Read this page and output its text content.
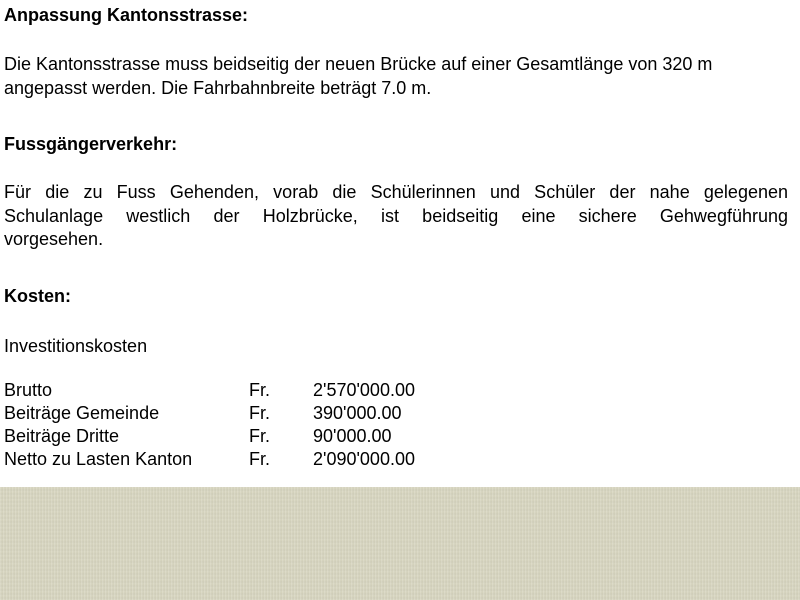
Anpassung Kantonsstrasse:

Die Kantonsstrasse muss beidseitig der neuen Brücke auf einer Gesamtlänge von 320 m
angepasst werden. Die Fahrbahnbreite beträgt 7.0 m.

Fussgängerverkehr:

Für die zu Fuss Gehenden, vorab die Schülerinnen und Schüler der nahe gelegenen
Schulanlage westlich der Holzbrücke, ist beidseitig eine sichere Gehwegführung
vorgesehen.

Kosten:

Investitionskosten

Brutto	Fr. 2'570'000.00
Beiträge Gemeinde	Fr. 390'000.00
Beiträge Dritte	Fr. 90'000.00
Netto zu Lasten Kanton	Fr. 2'090'000.00
